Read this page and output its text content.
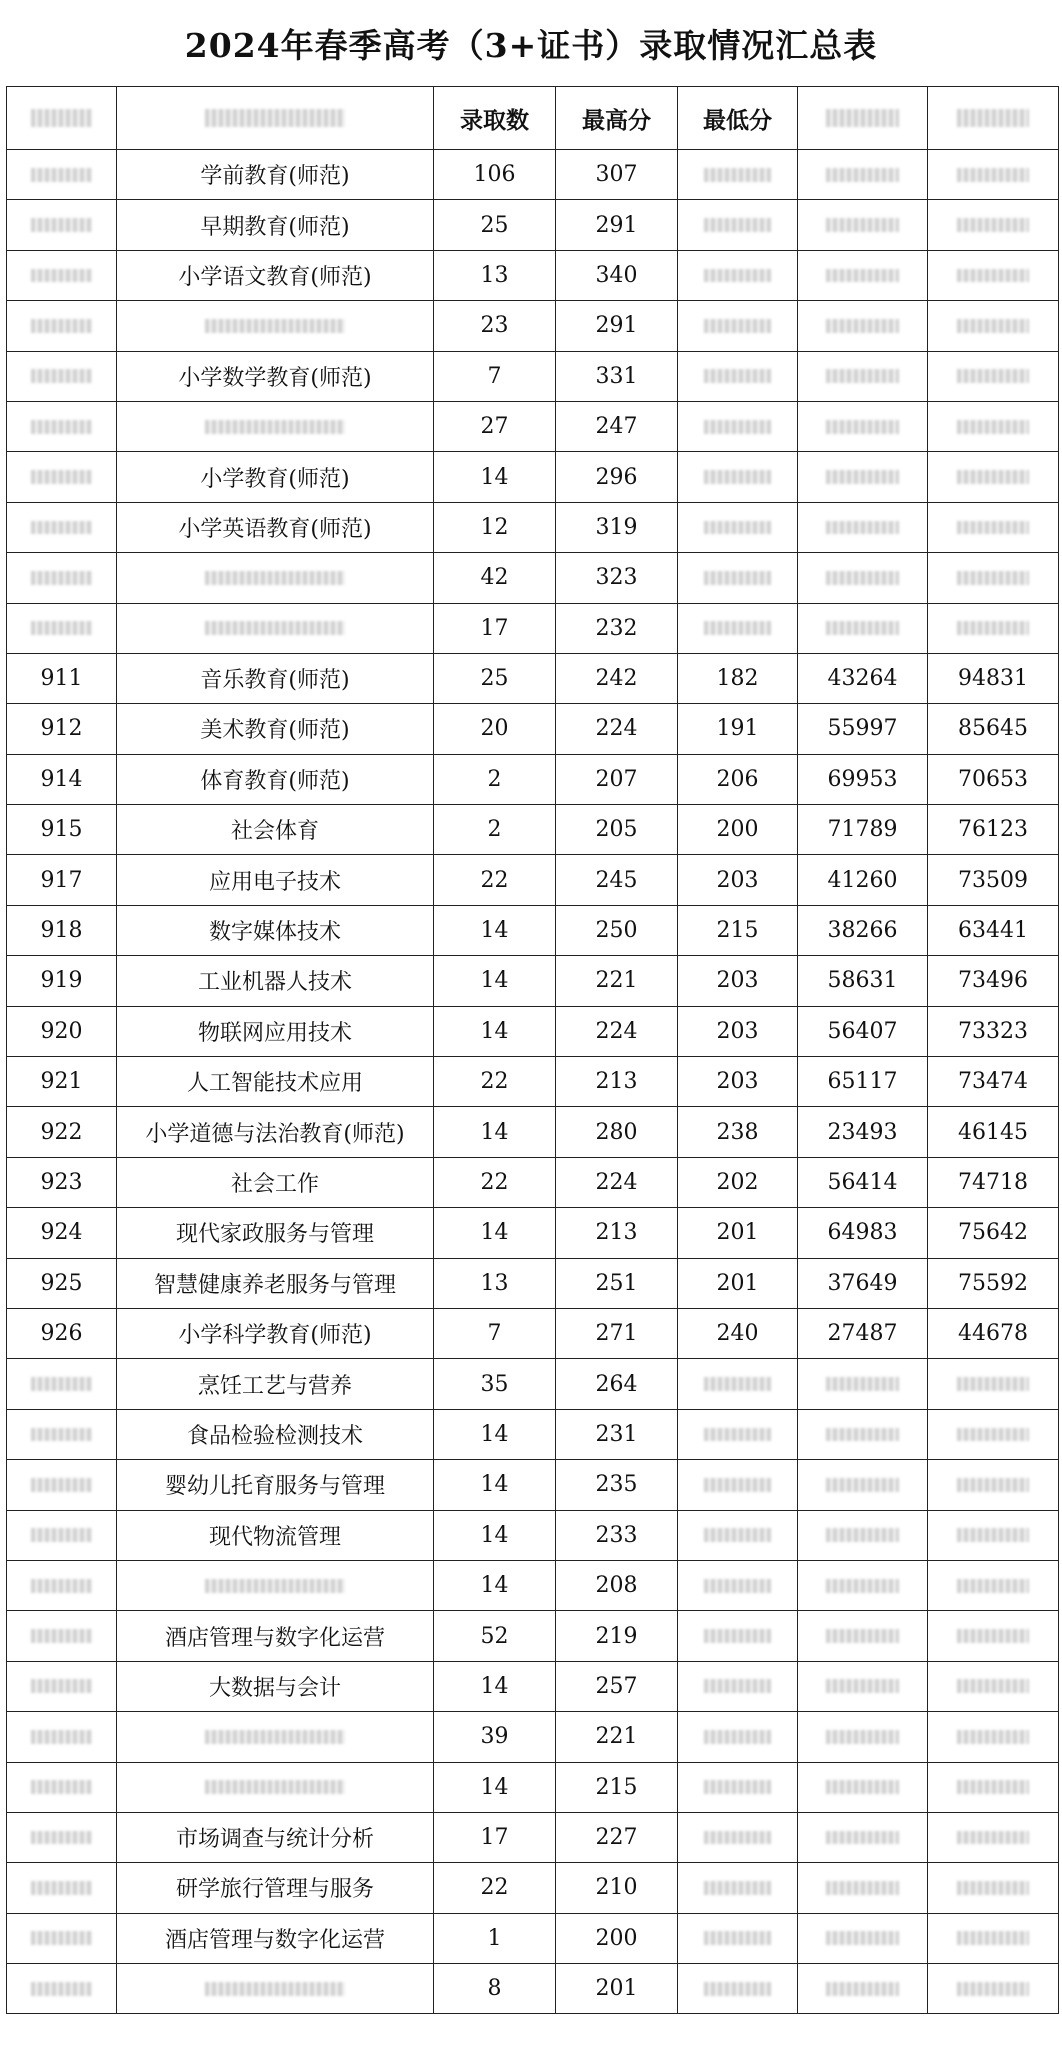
2024年春季高考（3+证书）录取情况汇总表
		录取数	最高分	最低分		
	学前教育(师范)	106	307			
	早期教育(师范)	25	291			
	小学语文教育(师范)	13	340			
		23	291			
	小学数学教育(师范)	7	331			
		27	247			
	小学教育(师范)	14	296			
	小学英语教育(师范)	12	319			
		42	323			
		17	232			
911	音乐教育(师范)	25	242	182	43264	94831
912	美术教育(师范)	20	224	191	55997	85645
914	体育教育(师范)	2	207	206	69953	70653
915	社会体育	2	205	200	71789	76123
917	应用电子技术	22	245	203	41260	73509
918	数字媒体技术	14	250	215	38266	63441
919	工业机器人技术	14	221	203	58631	73496
920	物联网应用技术	14	224	203	56407	73323
921	人工智能技术应用	22	213	203	65117	73474
922	小学道德与法治教育(师范)	14	280	238	23493	46145
923	社会工作	22	224	202	56414	74718
924	现代家政服务与管理	14	213	201	64983	75642
925	智慧健康养老服务与管理	13	251	201	37649	75592
926	小学科学教育(师范)	7	271	240	27487	44678
	烹饪工艺与营养	35	264			
	食品检验检测技术	14	231			
	婴幼儿托育服务与管理	14	235			
	现代物流管理	14	233			
		14	208			
	酒店管理与数字化运营	52	219			
	大数据与会计	14	257			
		39	221			
		14	215			
	市场调查与统计分析	17	227			
	研学旅行管理与服务	22	210			
	酒店管理与数字化运营	1	200			
		8	201			
